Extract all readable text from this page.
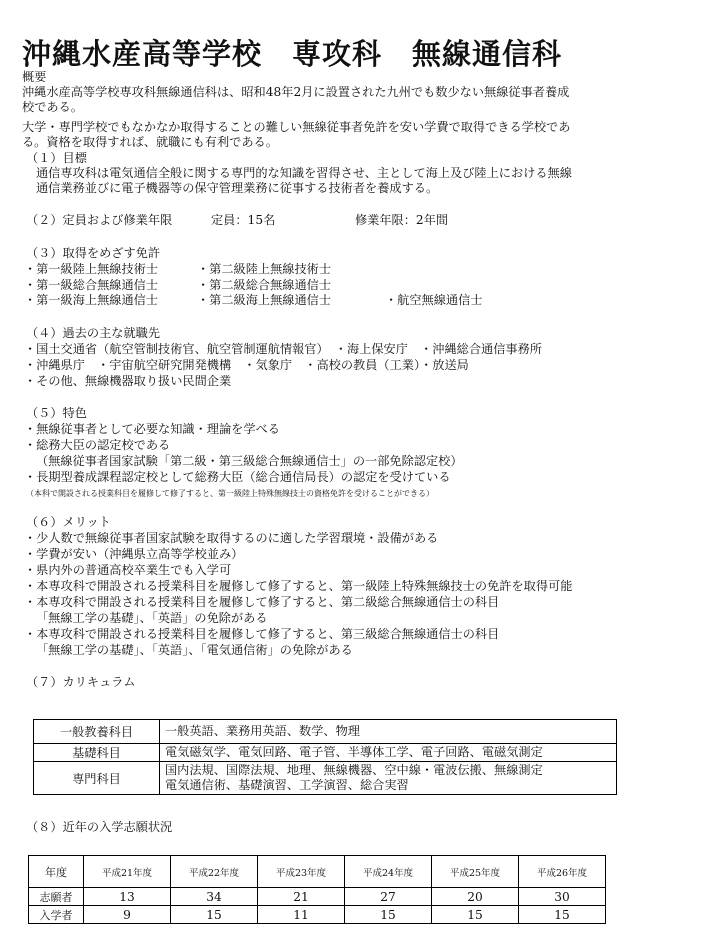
沖縄水産高等学校　専攻科　無線通信科
概要
沖縄水産高等学校専攻科無線通信科は、昭和48年2月に設置された九州でも数少ない無線従事者養成
校である。
大学・専門学校でもなかなか取得することの難しい無線従事者免許を安い学費で取得できる学校であ
る。資格を取得すれば、就職にも有利である。
（１）目標
通信専攻科は電気通信全般に関する専門的な知識を習得させ、主として海上及び陸上における無線
通信業務並びに電子機器等の保守管理業務に従事する技術者を養成する。
（２）定員および修業年限	定員：15名	修業年限：2年間
（３）取得をめざす免許
・第一級陸上無線技術士
・第一級総合無線通信士
・第一級海上無線通信士
・第二級陸上無線技術士
・第二級総合無線通信士
・第二級海上無線通信士	・航空無線通信士
（４）過去の主な就職先
・国土交通省（航空管制技術官、航空管制運航情報官）　・海上保安庁　・沖縄総合通信事務所
・沖縄県庁　・宇宙航空研究開発機構　・気象庁　・高校の教員（工業）・放送局
・その他、無線機器取り扱い民間企業
（５）特色
・無線従事者として必要な知識・理論を学べる
・総務大臣の認定校である
（無線従事者国家試験「第二級・第三級総合無線通信士」の一部免除認定校）
・長期型養成課程認定校として総務大臣（総合通信局長）の認定を受けている
（本科で開設される授業科目を履修して修了すると、第一級陸上特殊無線技士の資格免許を受けることができる）
（６）メリット
・少人数で無線従事者国家試験を取得するのに適した学習環境・設備がある
・学費が安い（沖縄県立高等学校並み）
・県内外の普通高校卒業生でも入学可
・本専攻科で開設される授業科目を履修して修了すると、第一級陸上特殊無線技士の免許を取得可能
・本専攻科で開設される授業科目を履修して修了すると、第二級総合無線通信士の科目
「無線工学の基礎」、「英語」の免除がある
・本専攻科で開設される授業科目を履修して修了すると、第三級総合無線通信士の科目
「無線工学の基礎」、「英語」、「電気通信術」の免除がある
（７）カリキュラム
一般教養科目	一般英語、業務用英語、数学、物理

基礎科目	電気磁気学、電気回路、電子管、半導体工学、電子回路、電磁気測定

専門科目	国内法規、国際法規、地理、無線機器、空中線・電波伝搬、無線測定
電気通信術、基礎演習、工学演習、総合実習
（８）近年の入学志願状況
年度	平成21年度	平成22年度	平成23年度	平成24年度	平成25年度	平成26年度
志願者	13	34	21	27	20	30
入学者	9	15	11	15	15	15
